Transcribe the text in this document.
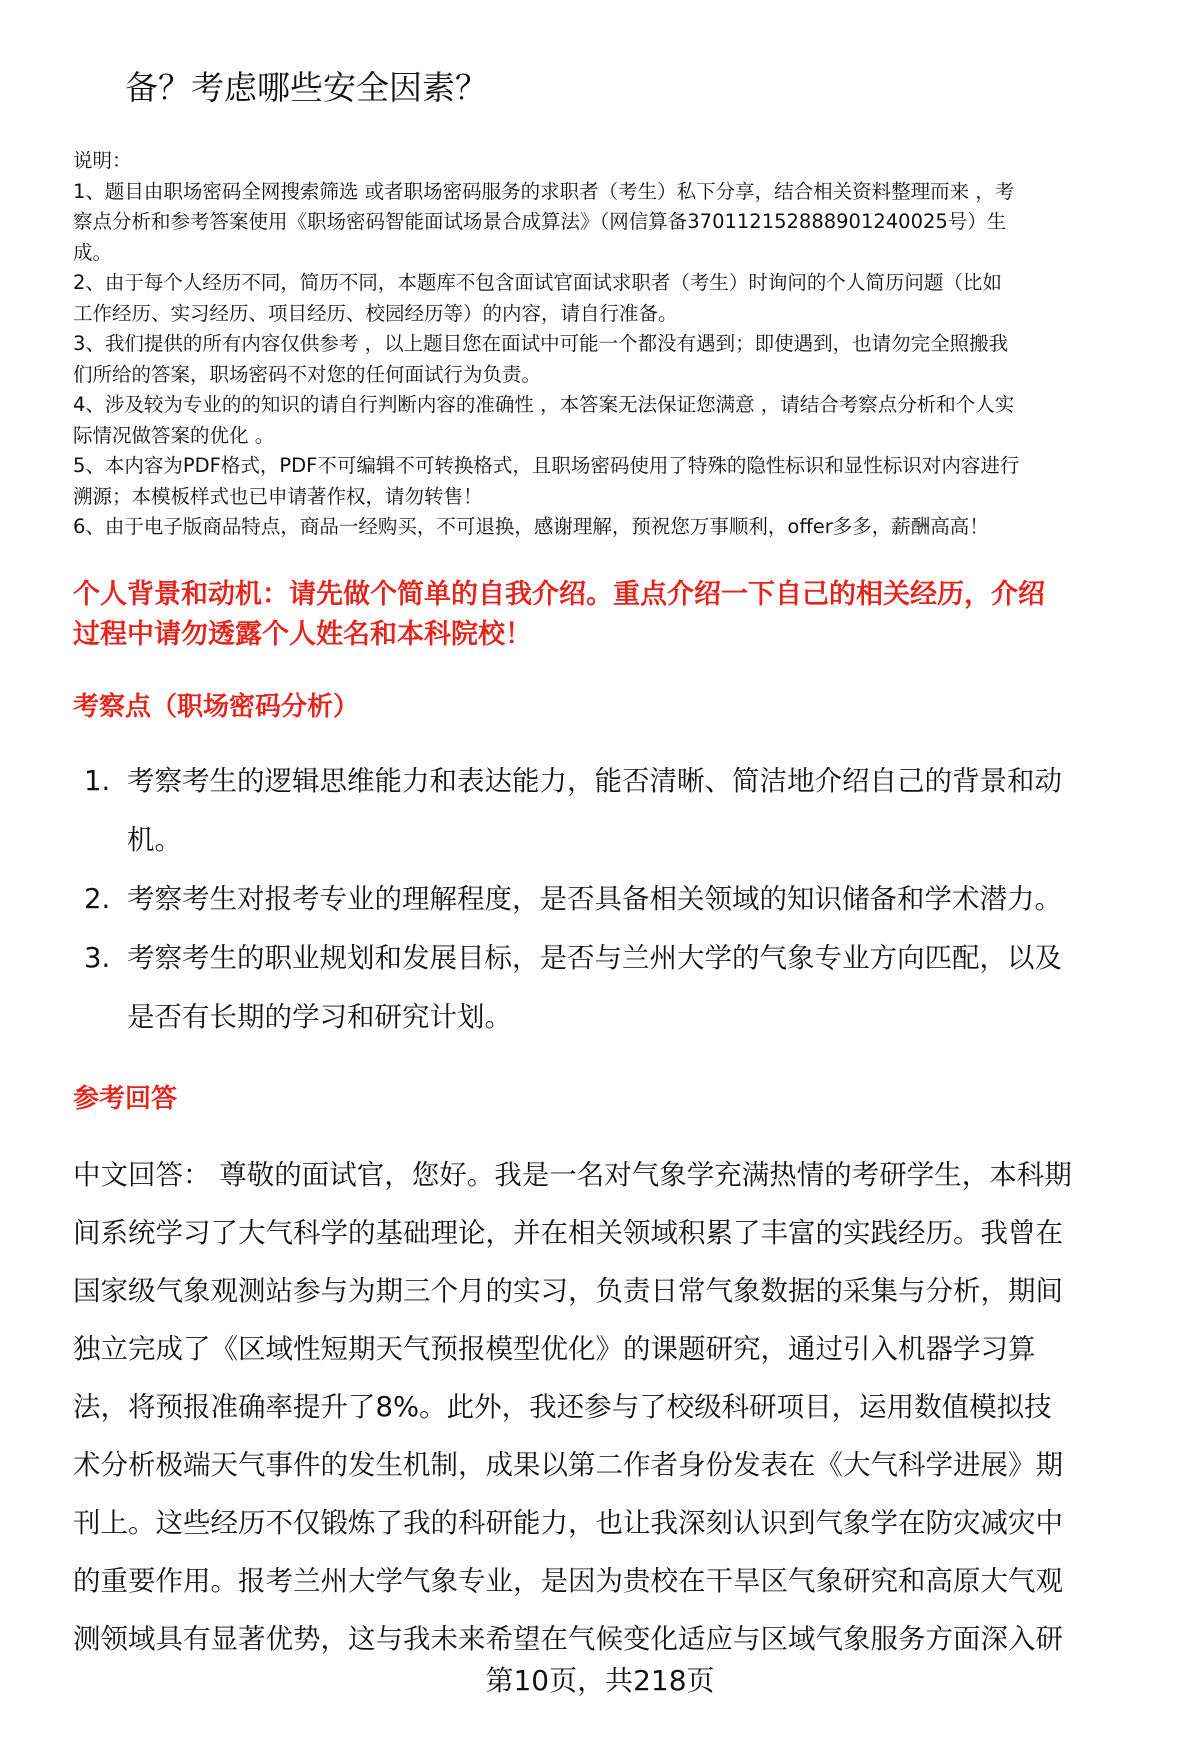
备？考虑哪些安全因素？
说明：
1、题目由职场密码全网搜索筛选 或者职场密码服务的求职者（考生）私下分享，结合相关资料整理而来 ，考
察点分析和参考答案使用《职场密码智能面试场景合成算法》（网信算备370112152888901240025号）生
成。
2、由于每个人经历不同，简历不同，本题库不包含面试官面试求职者（考生）时询问的个人简历问题（比如
工作经历、实习经历、项目经历、校园经历等）的内容，请自行准备。
3、我们提供的所有内容仅供参考 ，以上题目您在面试中可能一个都没有遇到；即使遇到，也请勿完全照搬我
们所给的答案，职场密码不对您的任何面试行为负责。
4、涉及较为专业的的知识的请自行判断内容的准确性 ，本答案无法保证您满意 ，请结合考察点分析和个人实
际情况做答案的优化 。
5、本内容为PDF格式，PDF不可编辑不可转换格式，且职场密码使用了特殊的隐性标识和显性标识对内容进行
溯源；本模板样式也已申请著作权，请勿转售！
6、由于电子版商品特点，商品一经购买，不可退换，感谢理解，预祝您万事顺利，offer多多，薪酬高高！
个人背景和动机：请先做个简单的自我介绍。重点介绍一下自己的相关经历，介绍
过程中请勿透露个人姓名和本科院校！
考察点（职场密码分析）
1. 考察考生的逻辑思维能力和表达能力，能否清晰、简洁地介绍自己的背景和动
机。
2. 考察考生对报考专业的理解程度，是否具备相关领域的知识储备和学术潜力。
3. 考察考生的职业规划和发展目标，是否与兰州大学的气象专业方向匹配，以及
是否有长期的学习和研究计划。
参考回答
中文回答： 尊敬的面试官，您好。我是一名对气象学充满热情的考研学生，本科期
间系统学习了大气科学的基础理论，并在相关领域积累了丰富的实践经历。我曾在
国家级气象观测站参与为期三个月的实习，负责日常气象数据的采集与分析，期间
独立完成了《区域性短期天气预报模型优化》的课题研究，通过引入机器学习算
法，将预报准确率提升了8%。此外，我还参与了校级科研项目，运用数值模拟技
术分析极端天气事件的发生机制，成果以第二作者身份发表在《大气科学进展》期
刊上。这些经历不仅锻炼了我的科研能力，也让我深刻认识到气象学在防灾减灾中
的重要作用。报考兰州大学气象专业，是因为贵校在干旱区气象研究和高原大气观
测领域具有显著优势，这与我未来希望在气候变化适应与区域气象服务方面深入研
第10页，共218页
